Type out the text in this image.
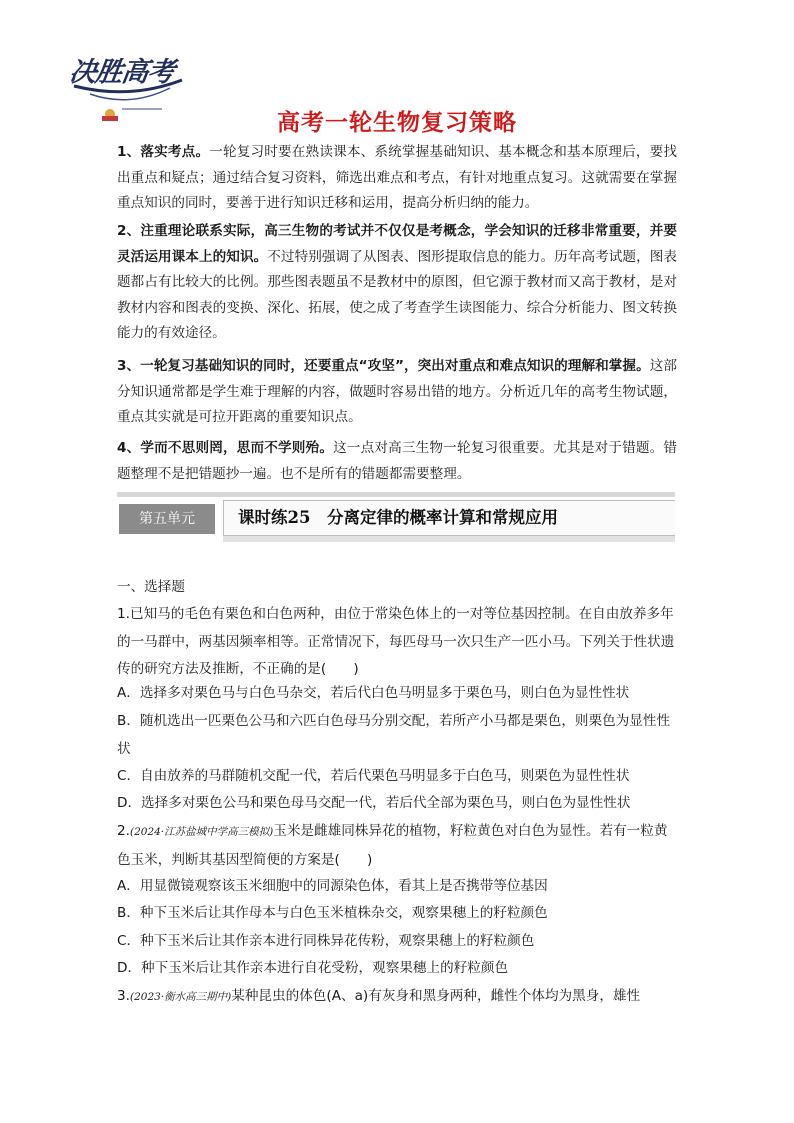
决胜高考
高考一轮生物复习策略

1、落实考点。一轮复习时要在熟读课本、系统掌握基础知识、基本概念和基本原理后，要找出重点和疑点；通过结合复习资料，筛选出难点和考点，有针对地重点复习。这就需要在掌握重点知识的同时，要善于进行知识迁移和运用，提高分析归纳的能力。

2、注重理论联系实际，高三生物的考试并不仅仅是考概念，学会知识的迁移非常重要，并要灵活运用课本上的知识。不过特别强调了从图表、图形提取信息的能力。历年高考试题，图表题都占有比较大的比例。那些图表题虽不是教材中的原图，但它源于教材而又高于教材，是对教材内容和图表的变换、深化、拓展，使之成了考查学生读图能力、综合分析能力、图文转换能力的有效途径。

3、一轮复习基础知识的同时，还要重点“攻坚”，突出对重点和难点知识的理解和掌握。这部分知识通常都是学生难于理解的内容，做题时容易出错的地方。分析近几年的高考生物试题，重点其实就是可拉开距离的重要知识点。

4、学而不思则罔，思而不学则殆。这一点对高三生物一轮复习很重要。尤其是对于错题。错题整理不是把错题抄一遍。也不是所有的错题都需要整理。

第五单元	课时练25　分离定律的概率计算和常规应用

一、选择题

1.已知马的毛色有栗色和白色两种，由位于常染色体上的一对等位基因控制。在自由放养多年的一马群中，两基因频率相等。正常情况下，每匹母马一次只生产一匹小马。下列关于性状遗传的研究方法及推断，不正确的是(　　)

A．选择多对栗色马与白色马杂交，若后代白色马明显多于栗色马，则白色为显性性状

B．随机选出一匹栗色公马和六匹白色母马分别交配，若所产小马都是栗色，则栗色为显性性状

C．自由放养的马群随机交配一代，若后代栗色马明显多于白色马，则栗色为显性性状

D．选择多对栗色公马和栗色母马交配一代，若后代全部为栗色马，则白色为显性性状

2.(2024·江苏盐城中学高三模拟)玉米是雌雄同株异花的植物，籽粒黄色对白色为显性。若有一粒黄色玉米，判断其基因型简便的方案是(　　)

A．用显微镜观察该玉米细胞中的同源染色体，看其上是否携带等位基因

B．种下玉米后让其作母本与白色玉米植株杂交，观察果穗上的籽粒颜色

C．种下玉米后让其作亲本进行同株异花传粉，观察果穗上的籽粒颜色

D．种下玉米后让其作亲本进行自花受粉，观察果穗上的籽粒颜色

3.(2023·衡水高三期中)某种昆虫的体色(A、a)有灰身和黑身两种，雌性个体均为黑身，雄性
